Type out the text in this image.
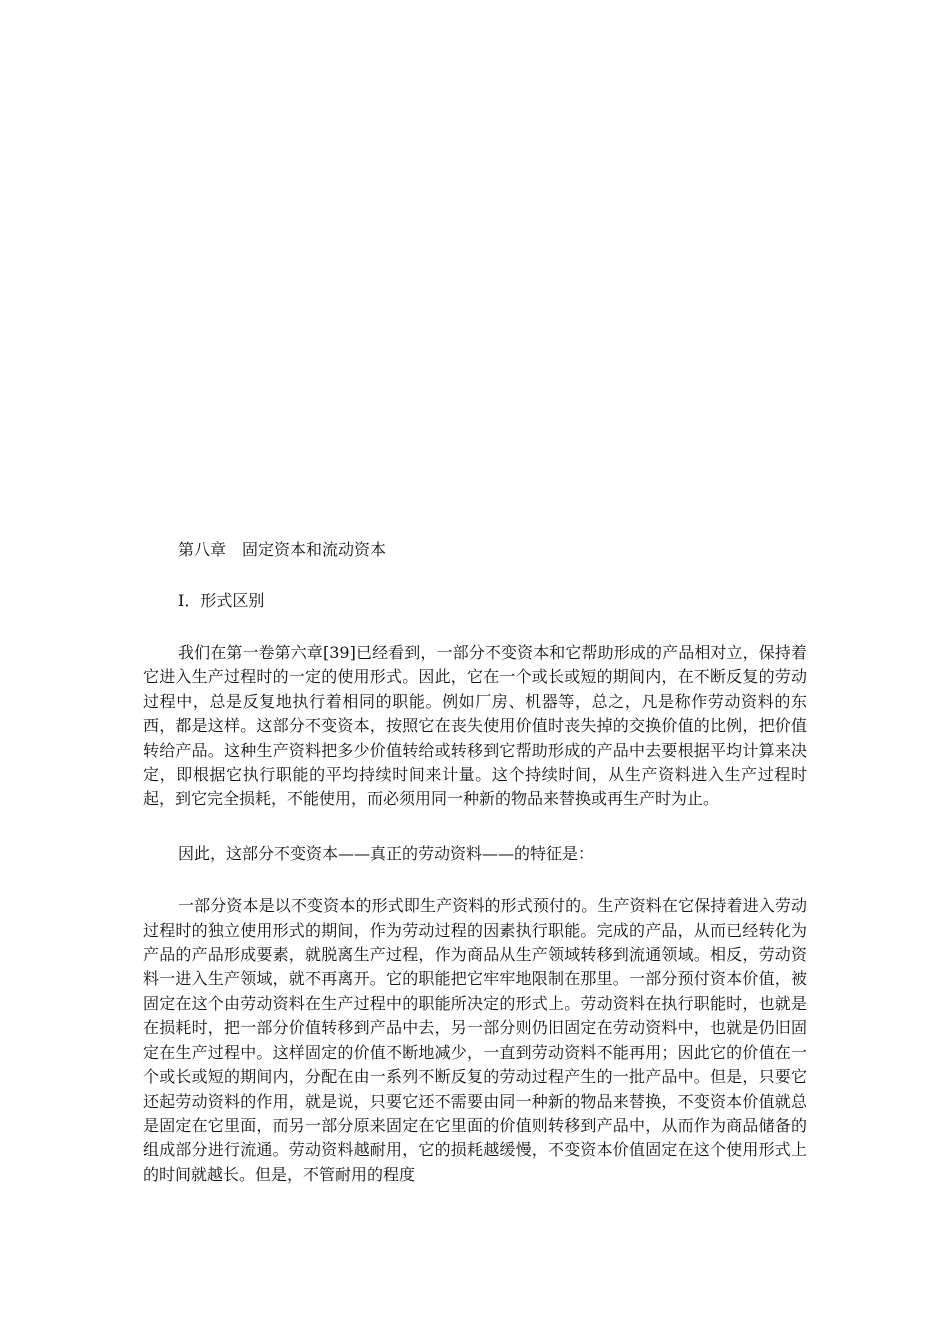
第八章　固定资本和流动资本

Ⅰ．形式区别

我们在第一卷第六章[39]已经看到，一部分不变资本和它帮助形成的产品相对立，保持着它进入生产过程时的一定的使用形式。因此，它在一个或长或短的期间内，在不断反复的劳动过程中，总是反复地执行着相同的职能。例如厂房、机器等，总之，凡是称作劳动资料的东西，都是这样。这部分不变资本，按照它在丧失使用价值时丧失掉的交换价值的比例，把价值转给产品。这种生产资料把多少价值转给或转移到它帮助形成的产品中去要根据平均计算来决定，即根据它执行职能的平均持续时间来计量。这个持续时间，从生产资料进入生产过程时起，到它完全损耗，不能使用，而必须用同一种新的物品来替换或再生产时为止。

因此，这部分不变资本——真正的劳动资料——的特征是：

一部分资本是以不变资本的形式即生产资料的形式预付的。生产资料在它保持着进入劳动过程时的独立使用形式的期间，作为劳动过程的因素执行职能。完成的产品，从而已经转化为产品的产品形成要素，就脱离生产过程，作为商品从生产领域转移到流通领域。相反，劳动资料一进入生产领域，就不再离开。它的职能把它牢牢地限制在那里。一部分预付资本价值，被固定在这个由劳动资料在生产过程中的职能所决定的形式上。劳动资料在执行职能时，也就是在损耗时，把一部分价值转移到产品中去，另一部分则仍旧固定在劳动资料中，也就是仍旧固定在生产过程中。这样固定的价值不断地减少，一直到劳动资料不能再用；因此它的价值在一个或长或短的期间内，分配在由一系列不断反复的劳动过程产生的一批产品中。但是，只要它还起劳动资料的作用，就是说，只要它还不需要由同一种新的物品来替换，不变资本价值就总是固定在它里面，而另一部分原来固定在它里面的价值则转移到产品中，从而作为商品储备的组成部分进行流通。劳动资料越耐用，它的损耗越缓慢，不变资本价值固定在这个使用形式上的时间就越长。但是，不管耐用的程度
